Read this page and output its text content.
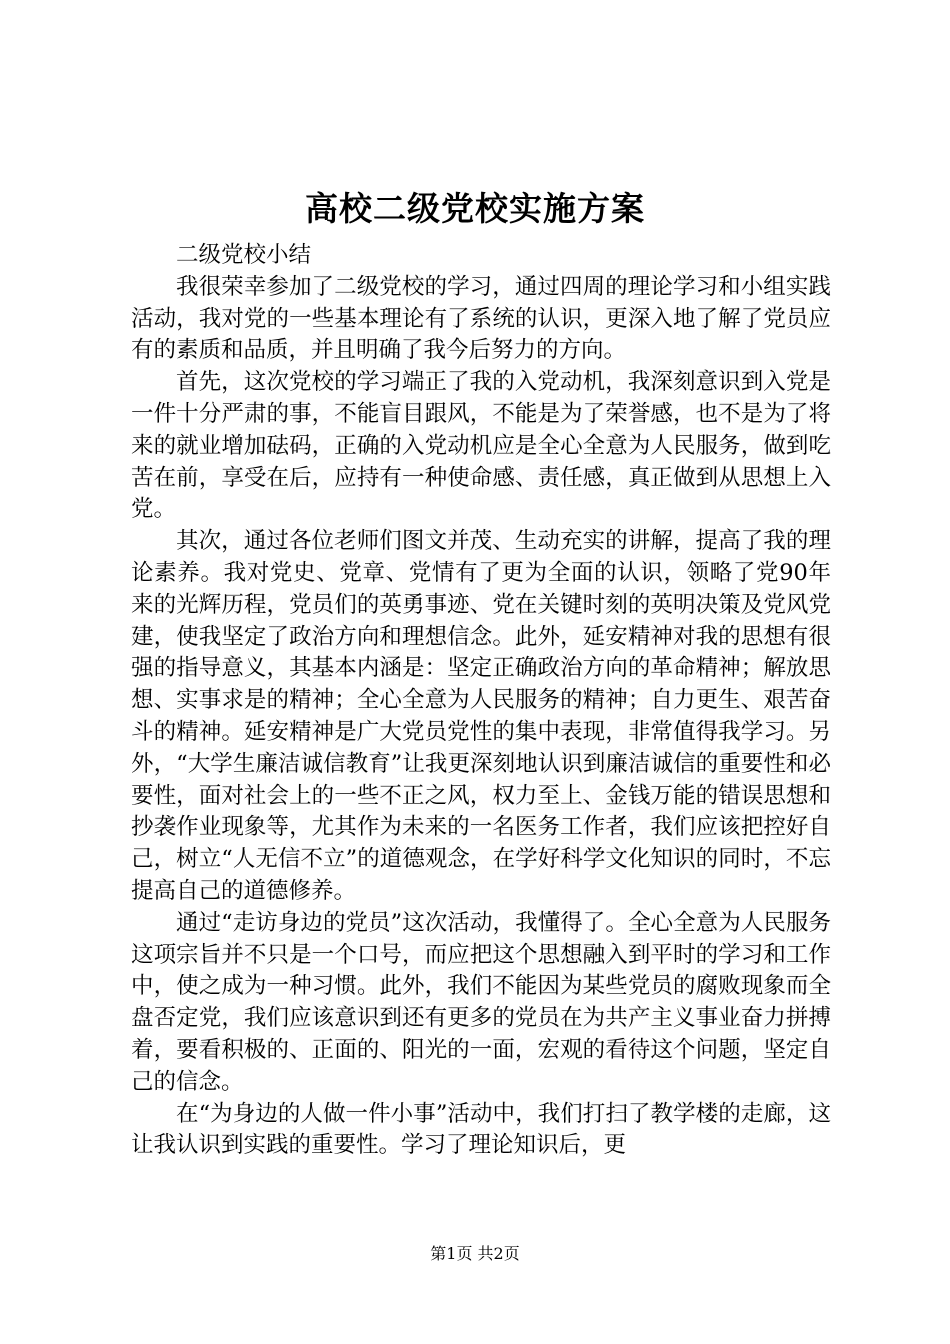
高校二级党校实施方案

二级党校小结

我很荣幸参加了二级党校的学习，通过四周的理论学习和小组实践活动，我对党的一些基本理论有了系统的认识，更深入地了解了党员应有的素质和品质，并且明确了我今后努力的方向。

首先，这次党校的学习端正了我的入党动机，我深刻意识到入党是一件十分严肃的事，不能盲目跟风，不能是为了荣誉感，也不是为了将来的就业增加砝码，正确的入党动机应是全心全意为人民服务，做到吃苦在前，享受在后，应持有一种使命感、责任感，真正做到从思想上入党。

其次，通过各位老师们图文并茂、生动充实的讲解，提高了我的理论素养。我对党史、党章、党情有了更为全面的认识，领略了党90年来的光辉历程，党员们的英勇事迹、党在关键时刻的英明决策及党风党建，使我坚定了政治方向和理想信念。此外，延安精神对我的思想有很强的指导意义，其基本内涵是：坚定正确政治方向的革命精神；解放思想、实事求是的精神；全心全意为人民服务的精神；自力更生、艰苦奋斗的精神。延安精神是广大党员党性的集中表现，非常值得我学习。另外，“大学生廉洁诚信教育”让我更深刻地认识到廉洁诚信的重要性和必要性，面对社会上的一些不正之风，权力至上、金钱万能的错误思想和抄袭作业现象等，尤其作为未来的一名医务工作者，我们应该把控好自己，树立“人无信不立”的道德观念，在学好科学文化知识的同时，不忘提高自己的道德修养。

通过“走访身边的党员”这次活动，我懂得了。全心全意为人民服务这项宗旨并不只是一个口号，而应把这个思想融入到平时的学习和工作中，使之成为一种习惯。此外，我们不能因为某些党员的腐败现象而全盘否定党，我们应该意识到还有更多的党员在为共产主义事业奋力拼搏着，要看积极的、正面的、阳光的一面，宏观的看待这个问题，坚定自己的信念。

在“为身边的人做一件小事”活动中，我们打扫了教学楼的走廊，这让我认识到实践的重要性。学习了理论知识后，更

第1页 共2页
